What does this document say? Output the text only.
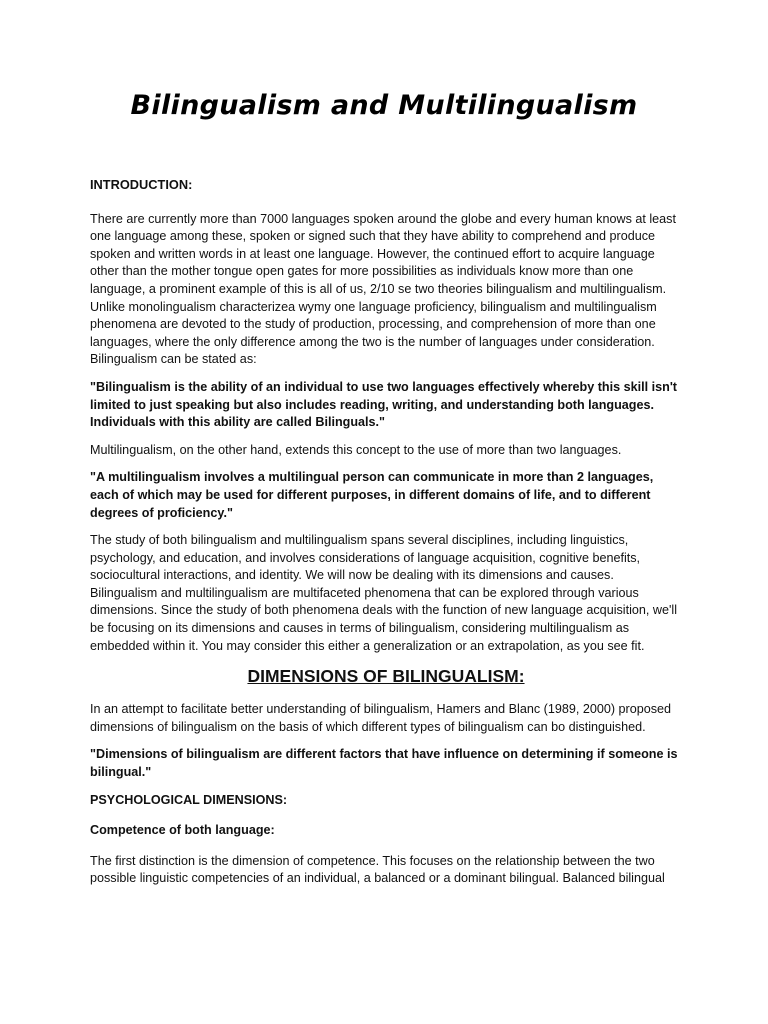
Bilingualism and Multilingualism

INTRODUCTION:

There are currently more than 7000 languages spoken around the globe and every human knows at least one language among these, spoken or signed such that they have ability to comprehend and produce spoken and written words in at least one language. However, the continued effort to acquire language other than the mother tongue open gates for more possibilities as individuals know more than one language, a prominent example of this is all of us, 2/10 se two theories bilingualism and multilingualism. Unlike monolingualism characterizea wymy one language proficiency, bilingualism and multilingualism phenomena are devoted to the study of production, processing, and comprehension of more than one languages, where the only difference among the two is the number of languages under consideration. Bilingualism can be stated as:

"Bilingualism is the ability of an individual to use two languages effectively whereby this skill isn't limited to just speaking but also includes reading, writing, and understanding both languages. Individuals with this ability are called Bilinguals."

Multilingualism, on the other hand, extends this concept to the use of more than two languages.

"A multilingualism involves a multilingual person can communicate in more than 2 languages, each of which may be used for different purposes, in different domains of life, and to different degrees of proficiency."

The study of both bilingualism and multilingualism spans several disciplines, including linguistics, psychology, and education, and involves considerations of language acquisition, cognitive benefits, sociocultural interactions, and identity. We will now be dealing with its dimensions and causes. Bilingualism and multilingualism are multifaceted phenomena that can be explored through various dimensions. Since the study of both phenomena deals with the function of new language acquisition, we'll be focusing on its dimensions and causes in terms of bilingualism, considering multilingualism as embedded within it. You may consider this either a generalization or an extrapolation, as you see fit.

DIMENSIONS OF BILINGUALISM:

In an attempt to facilitate better understanding of bilingualism, Hamers and Blanc (1989, 2000) proposed dimensions of bilingualism on the basis of which different types of bilingualism can bo distinguished.

"Dimensions of bilingualism are different factors that have influence on determining if someone is bilingual."

PSYCHOLOGICAL DIMENSIONS:

Competence of both language:

The first distinction is the dimension of competence. This focuses on the relationship between the two possible linguistic competencies of an individual, a balanced or a dominant bilingual. Balanced bilingual
